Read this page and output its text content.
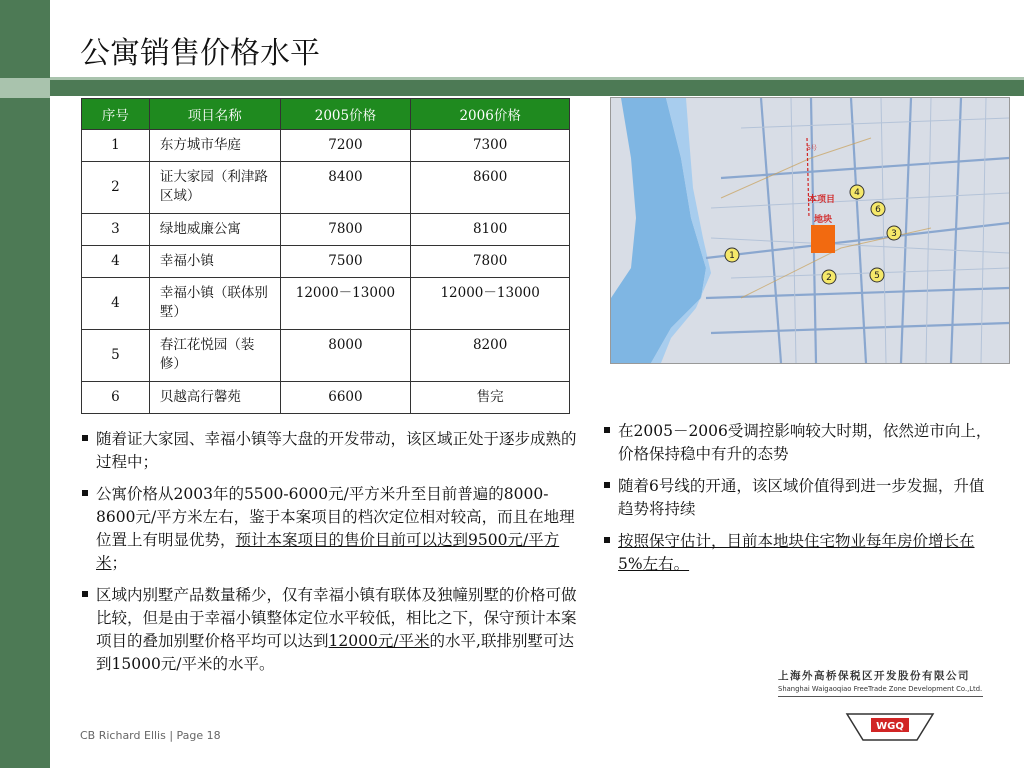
公寓销售价格水平
序号	项目名称	2005价格	2006价格
1	东方城市华庭	7200	7300
2	证大家园（利津路区域）	8400	8600
3	绿地威廉公寓	7800	8100
4	幸福小镇	7500	7800
4	幸福小镇（联体别墅）	12000－13000	12000－13000
5	春江花悦园（装修）	8000	8200
6	贝越高行馨苑	6600	售完
本项目
地块
5号
1
2
3
4
5
6
随着证大家园、幸福小镇等大盘的开发带动，该区域正处于逐步成熟的过程中；
公寓价格从2003年的5500-6000元/平方米升至目前普遍的8000-8600元/平方米左右，鉴于本案项目的档次定位相对较高，而且在地理位置上有明显优势，预计本案项目的售价目前可以达到9500元/平方米；
区域内别墅产品数量稀少，仅有幸福小镇有联体及独幢别墅的价格可做比较，但是由于幸福小镇整体定位水平较低，相比之下，保守预计本案项目的叠加别墅价格平均可以达到12000元/平米的水平,联排别墅可达到15000元/平米的水平。
在2005－2006受调控影响较大时期，依然逆市向上，价格保持稳中有升的态势
随着6号线的开通，该区域价值得到进一步发掘，升值趋势将持续
按照保守估计，目前本地块住宅物业每年房价增长在5%左右。
上海外高桥保税区开发股份有限公司
Shanghai Waigaoqiao FreeTrade Zone Development Co.,Ltd.
WGQ
CB Richard Ellis | Page 18
